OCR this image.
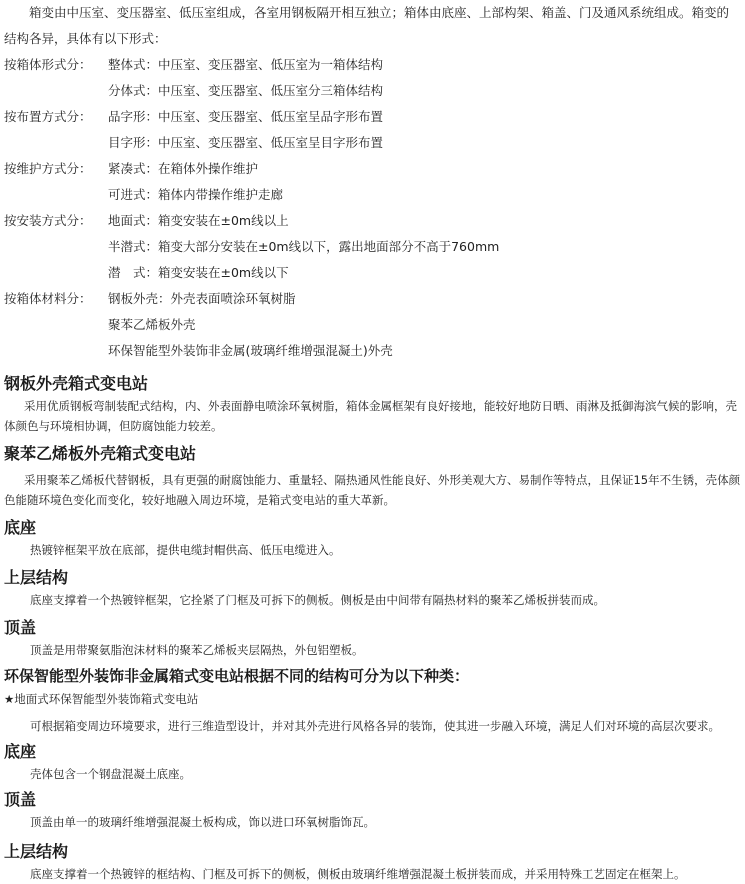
箱变由中压室、变压器室、低压室组成，各室用钢板隔开相互独立；箱体由底座、上部构架、箱盖、门及通风系统组成。箱变的结构各异，具体有以下形式：

按箱体形式分： 整体式：中压室、变压器室、低压室为一箱体结构
分体式：中压室、变压器室、低压室分三箱体结构
按布置方式分： 品字形：中压室、变压器室、低压室呈品字形布置
目字形：中压室、变压器室、低压室呈目字形布置
按维护方式分： 紧凑式：在箱体外操作维护
可进式：箱体内带操作维护走廊
按安装方式分： 地面式：箱变安装在±0m线以上
半潜式：箱变大部分安装在±0m线以下，露出地面部分不高于760mm
潜　式：箱变安装在±0m线以下
按箱体材料分： 钢板外壳：外壳表面喷涂环氧树脂
聚苯乙烯板外壳
环保智能型外装饰非金属(玻璃纤维增强混凝土)外壳
钢板外壳箱式变电站

采用优质钢板弯制装配式结构，内、外表面静电喷涂环氧树脂，箱体金属框架有良好接地，能较好地防日晒、雨淋及抵御海滨气候的影响，壳体颜色与环境相协调，但防腐蚀能力较差。

聚苯乙烯板外壳箱式变电站

采用聚苯乙烯板代替钢板，具有更强的耐腐蚀能力、重量轻、隔热通风性能良好、外形美观大方、易制作等特点，且保证15年不生锈，壳体颜色能随环境色变化而变化，较好地融入周边环境，是箱式变电站的重大革新。

底座

热镀锌框架平放在底部，提供电缆封帽供高、低压电缆进入。

上层结构

底座支撑着一个热镀锌框架，它拴紧了门框及可拆下的侧板。侧板是由中间带有隔热材料的聚苯乙烯板拼装而成。

顶盖

顶盖是用带聚氨脂泡沫材料的聚苯乙烯板夹层隔热，外包铝塑板。

环保智能型外装饰非金属箱式变电站根据不同的结构可分为以下种类：

★地面式环保智能型外装饰箱式变电站

可根据箱变周边环境要求，进行三维造型设计，并对其外壳进行风格各异的装饰，使其进一步融入环境，满足人们对环境的高层次要求。

底座

壳体包含一个钢盘混凝土底座。

顶盖

顶盖由单一的玻璃纤维增强混凝土板构成，饰以进口环氧树脂饰瓦。

上层结构

底座支撑着一个热镀锌的框结构、门框及可拆下的侧板，侧板由玻璃纤维增强混凝土板拼装而成，并采用特殊工艺固定在框架上。
